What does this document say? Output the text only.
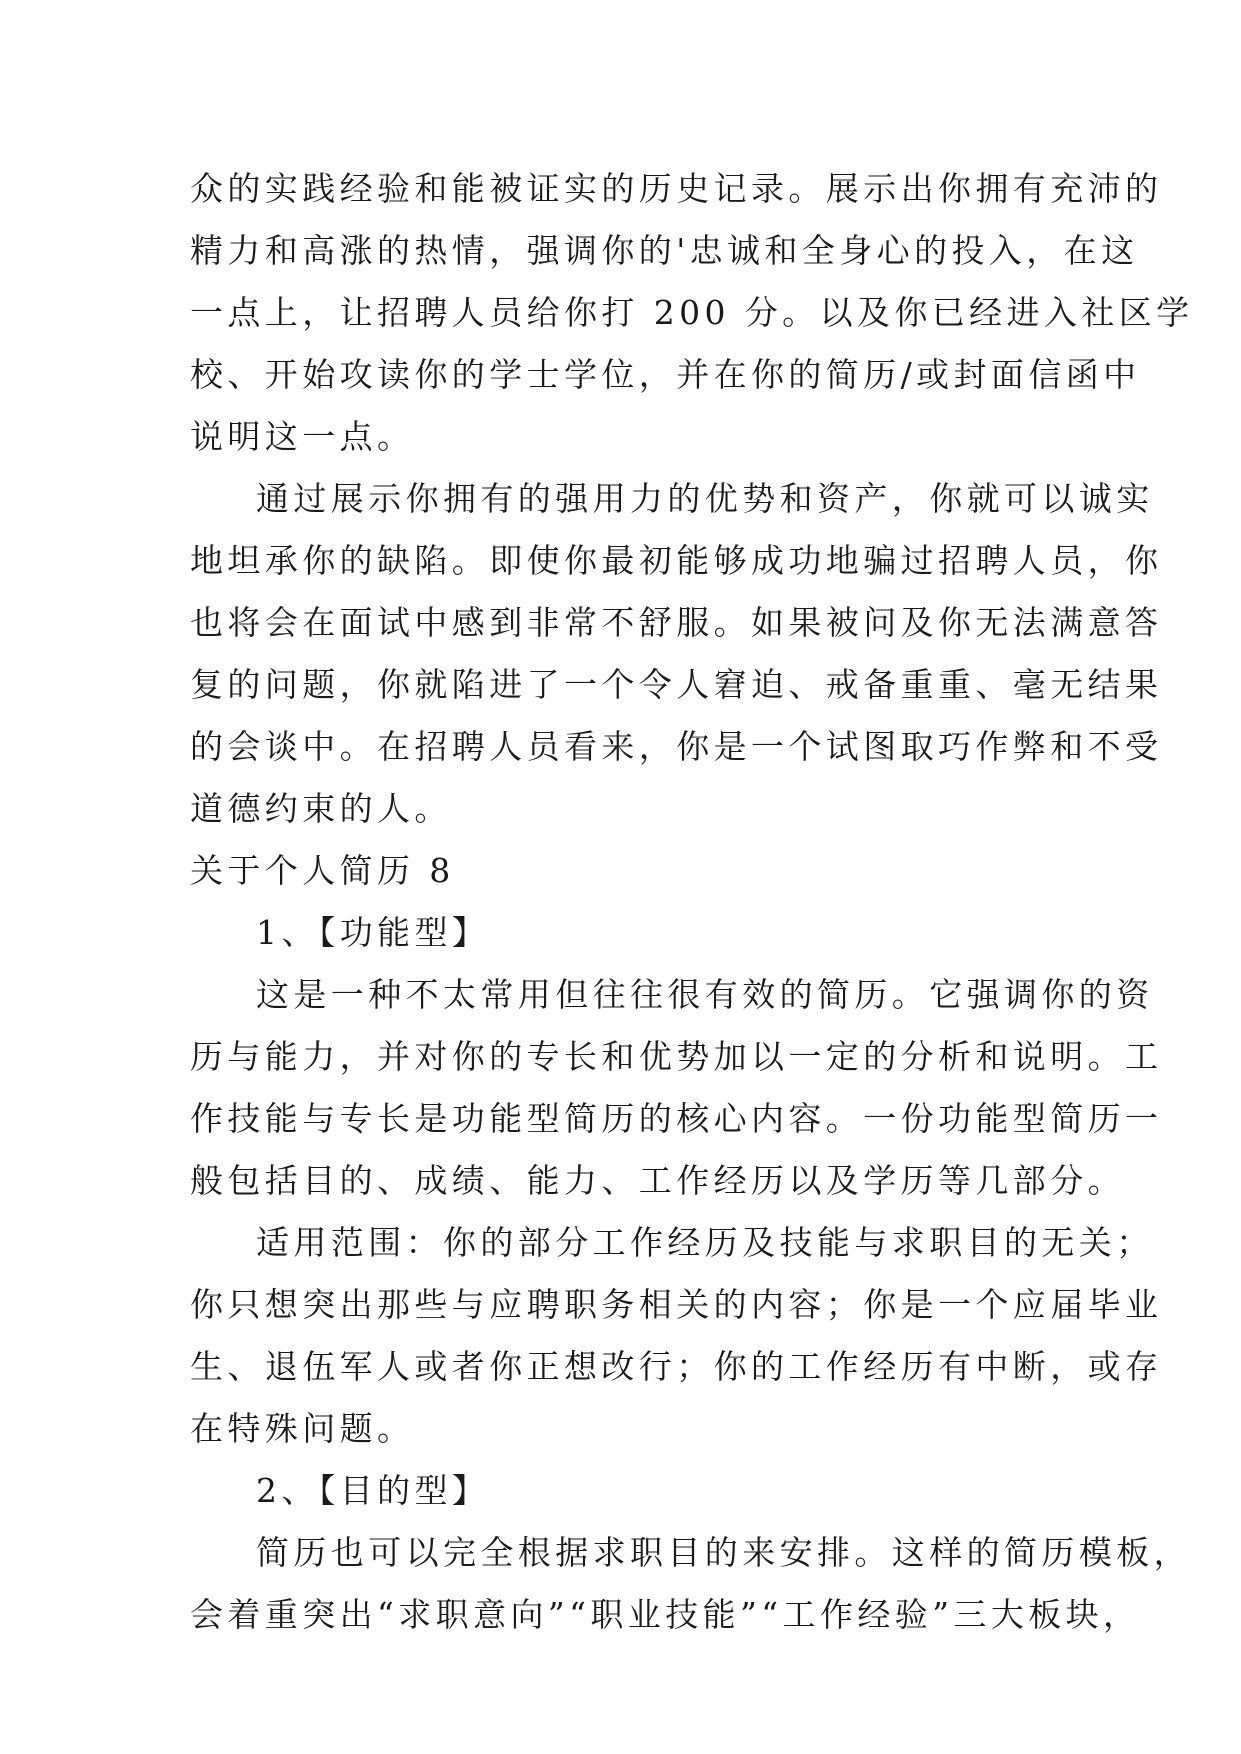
众的实践经验和能被证实的历史记录。展示出你拥有充沛的
精力和高涨的热情，强调你的'忠诚和全身心的投入，在这
一点上，让招聘人员给你打 200 分。以及你已经进入社区学
校、开始攻读你的学士学位，并在你的简历/或封面信函中
说明这一点。
通过展示你拥有的强用力的优势和资产，你就可以诚实
地坦承你的缺陷。即使你最初能够成功地骗过招聘人员，你
也将会在面试中感到非常不舒服。如果被问及你无法满意答
复的问题，你就陷进了一个令人窘迫、戒备重重、毫无结果
的会谈中。在招聘人员看来，你是一个试图取巧作弊和不受
道德约束的人。
关于个人简历 8
1、【功能型】
这是一种不太常用但往往很有效的简历。它强调你的资
历与能力，并对你的专长和优势加以一定的分析和说明。工
作技能与专长是功能型简历的核心内容。一份功能型简历一
般包括目的、成绩、能力、工作经历以及学历等几部分。
适用范围：你的部分工作经历及技能与求职目的无关；
你只想突出那些与应聘职务相关的内容；你是一个应届毕业
生、退伍军人或者你正想改行；你的工作经历有中断，或存
在特殊问题。
2、【目的型】
简历也可以完全根据求职目的来安排。这样的简历模板，
会着重突出“求职意向”“职业技能”“工作经验”三大板块，
